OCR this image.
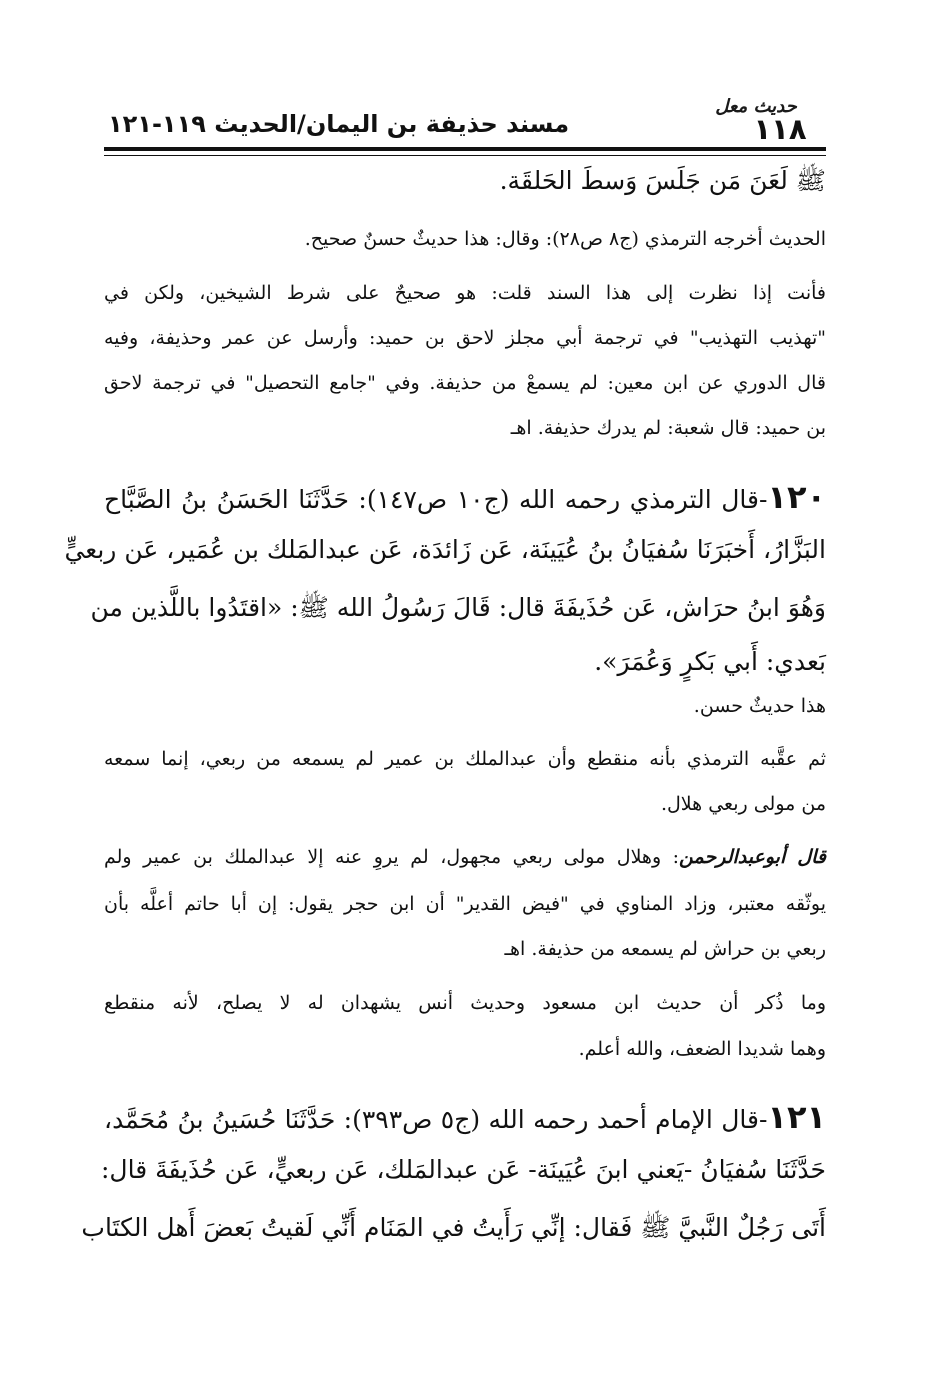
حديث معل
١١٨
مسند حذيفة بن اليمان/الحديث ١١٩-١٢١
ﷺ لَعَنَ مَن جَلَسَ وَسطَ الحَلقَة.
الحديث أخرجه الترمذي (ج٨ ص٢٨): وقال: هذا حديثٌ حسنٌ صحيح.
فأنت إذا نظرت إلى هذا السند قلت: هو صحيحٌ على شرط الشيخين، ولكن في
"تهذيب التهذيب" في ترجمة أبي مجلز لاحق بن حميد: وأرسل عن عمر وحذيفة، وفيه
قال الدوري عن ابن معين: لم يسمعْ من حذيفة. وفي "جامع التحصيل" في ترجمة لاحق
بن حميد: قال شعبة: لم يدرك حذيفة. اهـ
١٢٠-قال الترمذي رحمه الله (ج١٠ ص١٤٧): حَدَّثَنَا الحَسَنُ بنُ الصَّبَّاح
البَزَّارُ، أَخبَرَنَا سُفيَانُ بنُ عُيَينَة، عَن زَائدَة، عَن عبدالمَلك بن عُمَير، عَن ربعيٍّ
وَهُوَ ابنُ حرَاش، عَن حُذَيفَةَ قال: قَالَ رَسُولُ الله ﷺ: «اقتَدُوا باللَّذين من
بَعدي: أَبي بَكرٍ وَعُمَرَ».
هذا حديثٌ حسن.
ثم عقَّبه الترمذي بأنه منقطع وأن عبدالملك بن عمير لم يسمعه من ربعي، إنما سمعه
من مولى ربعي هلال.
قال أبوعبدالرحمن: وهلال مولى ربعي مجهول، لم يروِ عنه إلا عبدالملك بن عمير ولم
يوثّقه معتبر، وزاد المناوي في "فيض القدير" أن ابن حجر يقول: إن أبا حاتم أعلَّه بأن
ربعي بن حراش لم يسمعه من حذيفة. اهـ
وما ذُكر أن حديث ابن مسعود وحديث أنس يشهدان له لا يصلح، لأنه منقطع
وهما شديدا الضعف، والله أعلم.
١٢١-قال الإمام أحمد رحمه الله (ج٥ ص٣٩٣): حَدَّثَنَا حُسَينُ بنُ مُحَمَّد،
حَدَّثَنَا سُفيَانُ -يَعني ابنَ عُيَينَة- عَن عبدالمَلك، عَن ربعيٍّ، عَن حُذَيفَةَ قال:
أَتَى رَجُلٌ النَّبيَّ ﷺ فَقال: إنِّي رَأَيتُ في المَنَام أَنِّي لَقيتُ بَعضَ أَهل الكتَاب
